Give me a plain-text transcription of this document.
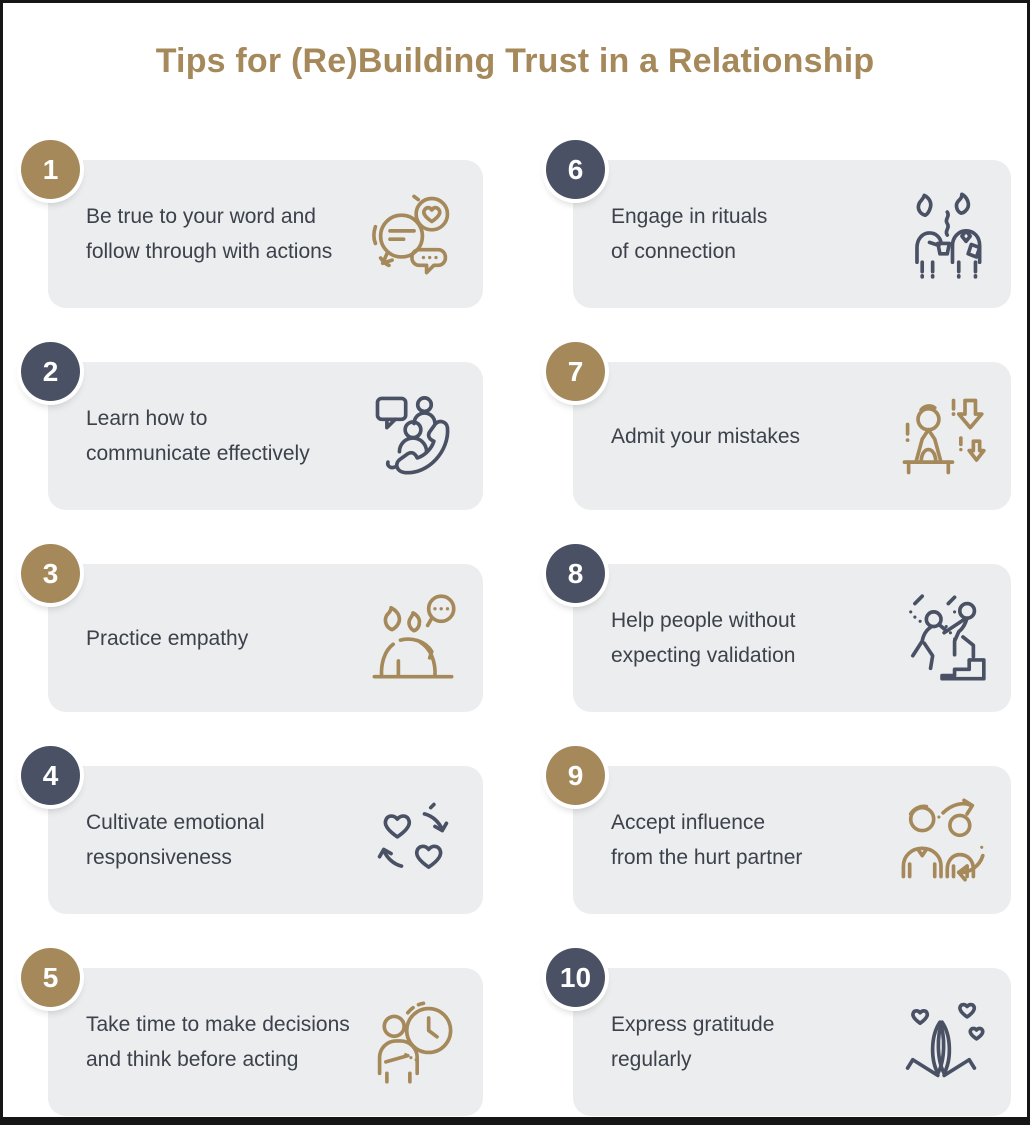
Tips for (Re)Building Trust in a Relationship
1
Be true to your word and
follow through with actions
2
Learn how to
communicate effectively
3
Practice empathy
4
Cultivate emotional
responsiveness
5
Take time to make decisions
and think before acting
6
Engage in rituals
of connection
7
Admit your mistakes
8
Help people without
expecting validation
9
Accept influence
from the hurt partner
10
Express gratitude
regularly
